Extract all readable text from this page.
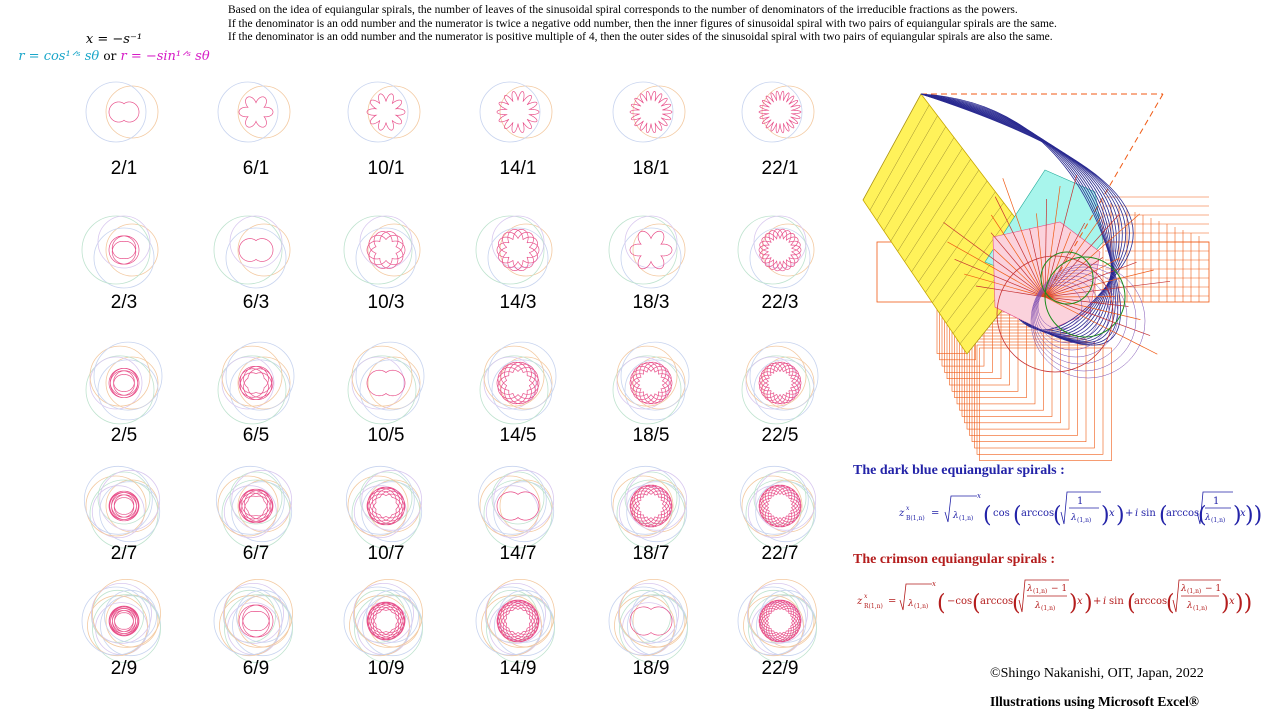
Based on the idea of equiangular spirals, the number of leaves of the sinusoidal spiral corresponds to the number of denominators of the irreducible fractions as the powers.
If the denominator is an odd number and the numerator is twice a negative odd number, then the inner figures of sinusoidal spiral with two pairs of equiangular spirals are the same.
If the denominator is an odd number and the numerator is positive multiple of 4, then the outer sides of the sinusoidal spiral with two pairs of equiangular spirals are also the same.
x = −s⁻¹
r = cos¹ᐟˢ sθ or r = −sin¹ᐟˢ sθ
2/1	6/1	10/1	14/1	18/1	22/1
2/3	6/3	10/3	14/3	18/3	22/3
2/5	6/5	10/5	14/5	18/5	22/5
2/7	6/7	10/7	14/7	18/7	22/7
2/9	6/9	10/9	14/9	18/9	22/9
The dark blue equiangular spirals :
z x
B(1,n) = λ (1,n)
x
( cos ( arccos
(
1
λ (1,n) ) x ) + i sin (
arccos
(
1
λ (1,n) )
x ))
The crimson equiangular spirals :
z x
R(1,n) = λ (1,n)
x
( −cos ( arccos
(
λ (1,n) − 1
λ (1,n) ) x ) + i sin (
arccos
(
λ (1,n) − 1
λ (1,n) ) x ))
©Shingo Nakanishi, OIT, Japan, 2022
Illustrations using Microsoft Excel®
